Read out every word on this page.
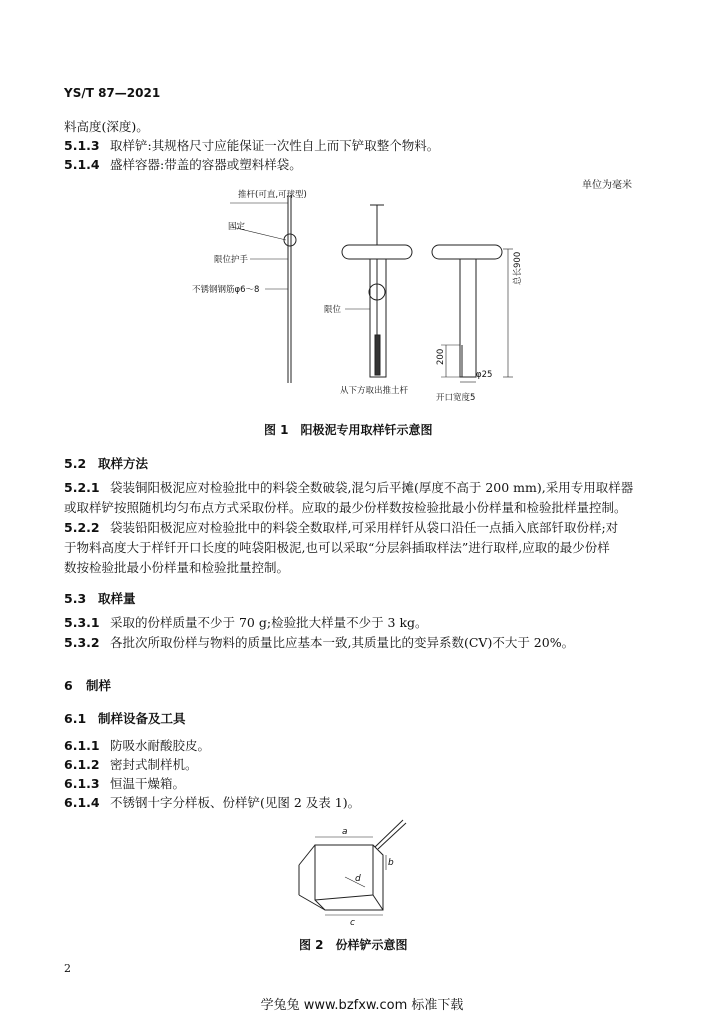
YS/T 87—2021
料高度(深度)。
5.1.3 取样铲:其规格尺寸应能保证一次性自上而下铲取整个物料。
5.1.4 盛样容器:带盖的容器或塑料样袋。
单位为毫米
推杆(可直,可球型)
固定
限位护手
不锈钢钢筋φ6～8
限位
从下方取出推土杆
开口宽度5
φ25
总长900
200
图 1　阳极泥专用取样钎示意图
5.2 取样方法
5.2.1 袋装铜阳极泥应对检验批中的料袋全数破袋,混匀后平摊(厚度不高于 200 mm),采用专用取样器
或取样铲按照随机均匀布点方式采取份样。应取的最少份样数按检验批最小份样量和检验批样量控制。
5.2.2 袋装铅阳极泥应对检验批中的料袋全数取样,可采用样钎从袋口沿任一点插入底部钎取份样;对
于物料高度大于样钎开口长度的吨袋阳极泥,也可以采取“分层斜插取样法”进行取样,应取的最少份样
数按检验批最小份样量和检验批量控制。
5.3 取样量
5.3.1 采取的份样质量不少于 70 g;检验批大样量不少于 3 kg。
5.3.2 各批次所取份样与物料的质量比应基本一致,其质量比的变异系数(CV)不大于 20%。
6 制样
6.1 制样设备及工具
6.1.1 防吸水耐酸胶皮。
6.1.2 密封式制样机。
6.1.3 恒温干燥箱。
6.1.4 不锈钢十字分样板、份样铲(见图 2 及表 1)。
a
b
c
d
图 2　份样铲示意图
2
学兔兔 www.bzfxw.com 标准下载
